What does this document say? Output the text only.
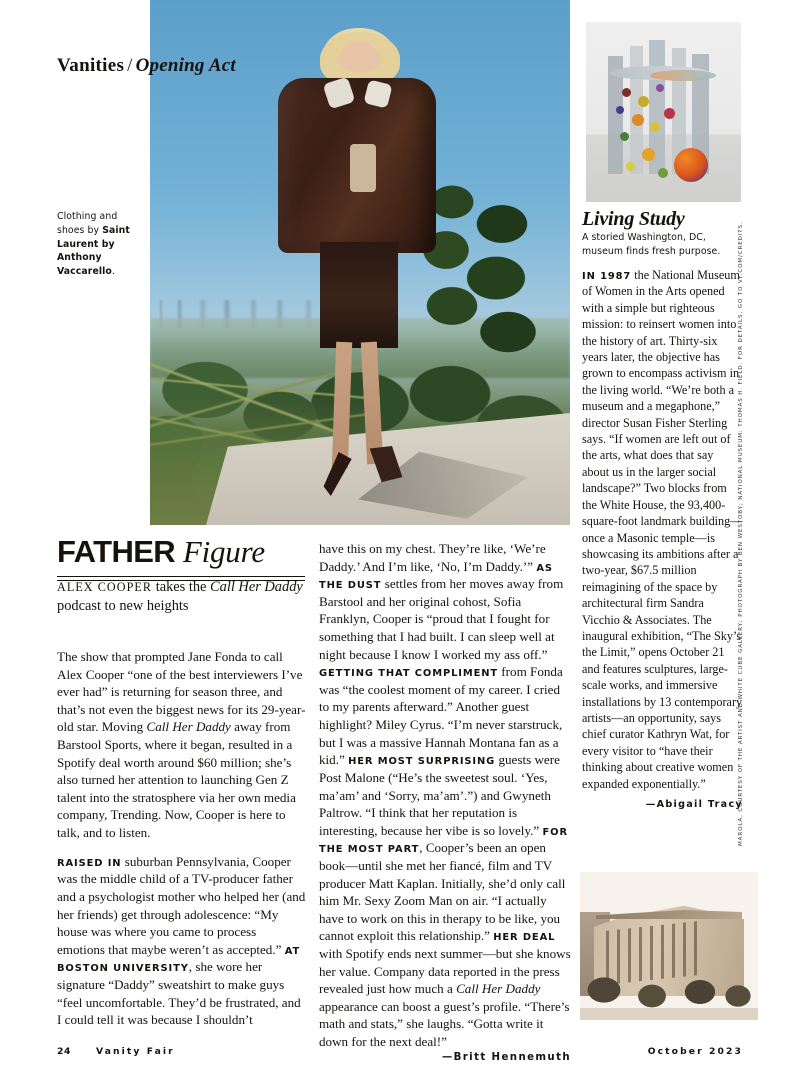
Vanities / Opening Act
Clothing and shoes by Saint Laurent by Anthony Vaccarello.
FATHER Figure
ALEX COOPER takes the Call Her Daddy podcast to new heights

The show that prompted Jane Fonda to call Alex Cooper “one of the best interviewers I’ve ever had” is returning for season three, and that’s not even the biggest news for its 29-year-old star. Moving Call Her Daddy away from Barstool Sports, where it began, resulted in a Spotify deal worth around $60 million; she’s also turned her attention to launching Gen Z talent into the stratosphere via her own media company, Trending. Now, Cooper is here to talk, and to listen.

RAISED IN suburban Pennsylvania, Cooper was the middle child of a TV-producer father and a psychologist mother who helped her (and her friends) get through adolescence: “My house was where you came to process emotions that maybe weren’t as accepted.” AT BOSTON UNIVERSITY, she wore her signature “Daddy” sweatshirt to make guys “feel uncomfortable. They’d be frustrated, and I could tell it was because I shouldn’t

have this on my chest. They’re like, ‘We’re Daddy.’ And I’m like, ‘No, I’m Daddy.’” AS THE DUST settles from her moves away from Barstool and her original cohost, Sofia Franklyn, Cooper is “proud that I fought for something that I had built. I can sleep well at night because I know I worked my ass off.” GETTING THAT COMPLIMENT from Fonda was “the coolest moment of my career. I cried to my parents afterward.” Another guest highlight? Miley Cyrus. “I’m never starstruck, but I was a massive Hannah Montana fan as a kid.” HER MOST SURPRISING guests were Post Malone (“He’s the sweetest soul. ‘Yes, ma’am’ and ‘Sorry, ma’am’.”) and Gwyneth Paltrow. “I think that her reputation is interesting, because her vibe is so lovely.” FOR THE MOST PART, Cooper’s been an open book—until she met her fiancé, film and TV producer Matt Kaplan. Initially, she’d only call him Mr. Sexy Zoom Man on air. “I actually have to work on this in therapy to be like, you cannot exploit this relationship.” HER DEAL with Spotify ends next summer—but she knows her value. Company data reported in the press revealed just how much a Call Her Daddy appearance can boost a guest’s profile. “There’s math and stats,” she laughs. “Gotta write it down for the next deal!”
—Britt Hennemuth

Living Study
A storied Washington, DC, museum finds fresh purpose.

IN 1987 the National Museum of Women in the Arts opened with a simple but righteous mission: to reinsert women into the history of art. Thirty-six years later, the objective has grown to encompass activism in the living world. “We’re both a museum and a megaphone,” director Susan Fisher Sterling says. “If women are left out of the arts, what does that say about us in the larger social landscape?” Two blocks from the White House, the 93,400-square-foot landmark building—once a Masonic temple—is showcasing its ambitions after a two-year, $67.5 million reimagining of the space by architectural firm Sandra Vicchio & Associates. The inaugural exhibition, “The Sky’s the Limit,” opens October 21 and features sculptures, large-scale works, and immersive installations by 13 contemporary artists—an opportunity, says chief curator Kathryn Wat, for every visitor to “have their thinking about creative women expanded exponentially.”

—Abigail Tracy
MAROLA, COURTESY OF THE ARTIST AND WHITE CUBE GALLERY; PHOTOGRAPH BY BEN WESTOBY; NATIONAL MUSEUM: THOMAS H. FIELD. FOR DETAILS, GO TO VF.COM/CREDITS.
24	Vanity Fair	October 2023
